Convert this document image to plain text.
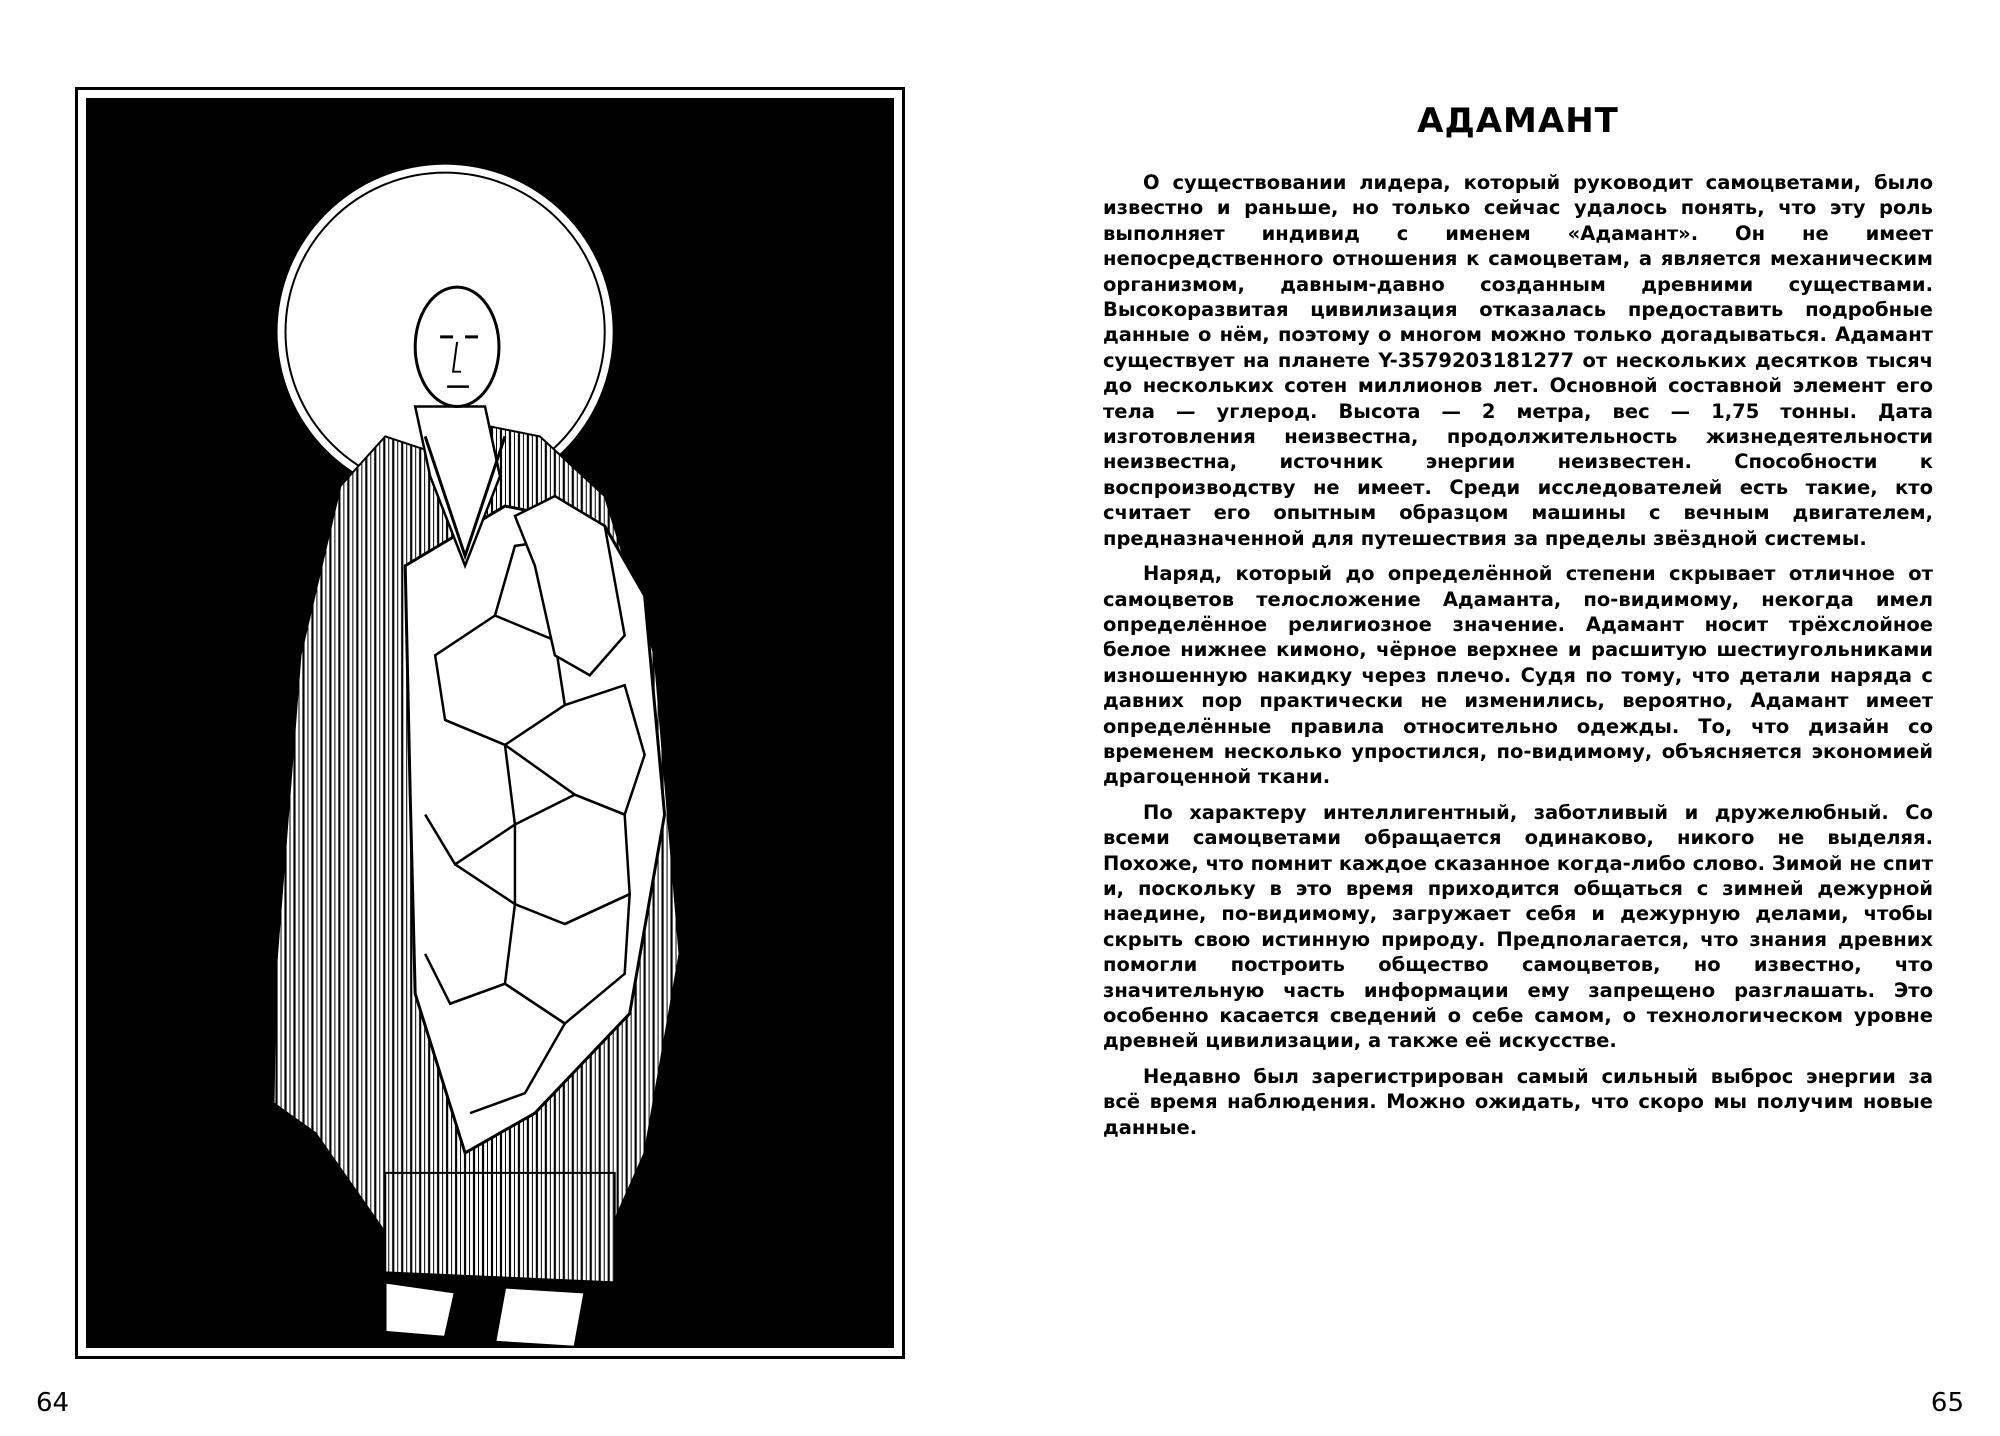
64	65
АДАМАНТ

О существовании лидера, который руководит самоцветами, было известно и раньше, но только сейчас удалось понять, что эту роль выполняет индивид с именем «Адамант». Он не имеет непосредственного отношения к самоцветам, а является механическим организмом, давным-давно созданным древними существами. Высокоразвитая цивилизация отказалась предоставить подробные данные о нём, поэтому о многом можно только догадываться. Адамант существует на планете Y-3579203181277 от нескольких десятков тысяч до нескольких сотен миллионов лет. Основной составной элемент его тела — углерод. Высота — 2 метра, вес — 1,75 тонны. Дата изготовления неизвестна, продолжительность жизнедеятельности неизвестна, источник энергии неизвестен. Способности к воспроизводству не имеет. Среди исследователей есть такие, кто считает его опытным образцом машины с вечным двигателем, предназначенной для путешествия за пределы звёздной системы.

Наряд, который до определённой степени скрывает отличное от самоцветов телосложение Адаманта, по-видимому, некогда имел определённое религиозное значение. Адамант носит трёхслойное белое нижнее кимоно, чёрное верхнее и расшитую шестиугольниками изношенную накидку через плечо. Судя по тому, что детали наряда с давних пор практически не изменились, вероятно, Адамант имеет определённые правила относительно одежды. То, что дизайн со временем несколько упростился, по-видимому, объясняется экономией драгоценной ткани.

По характеру интеллигентный, заботливый и дружелюбный. Со всеми самоцветами обращается одинаково, никого не выделяя. Похоже, что помнит каждое сказанное когда-либо слово. Зимой не спит и, поскольку в это время приходится общаться с зимней дежурной наедине, по-видимому, загружает себя и дежурную делами, чтобы скрыть свою истинную природу. Предполагается, что знания древних помогли построить общество самоцветов, но известно, что значительную часть информации ему запрещено разглашать. Это особенно касается сведений о себе самом, о технологическом уровне древней цивилизации, а также её искусстве.

Недавно был зарегистрирован самый сильный выброс энергии за всё время наблюдения. Можно ожидать, что скоро мы получим новые данные.
